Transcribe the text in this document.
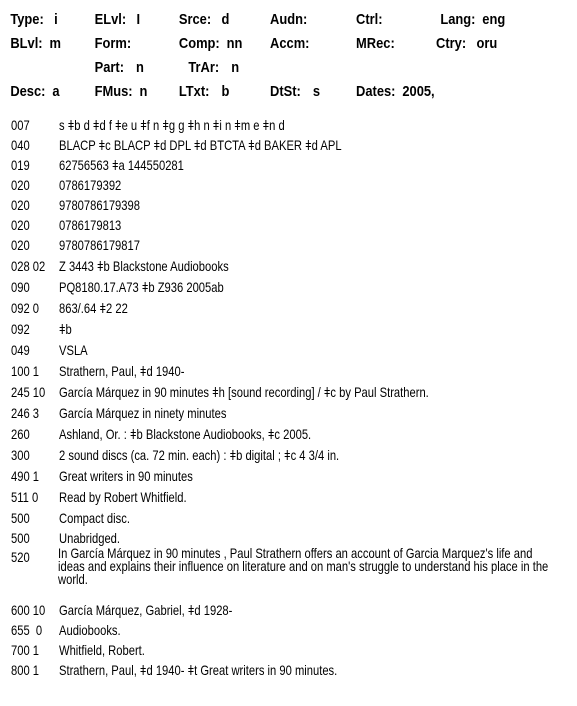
Type: i ELvl: I	Srce: d	Audn:	Ctrl:	Lang: eng
BLvl: m Form:	Comp: nn Accm:	MRec:	Ctry: oru
Part: n	TrAr: n
Desc: a FMus: n LTxt: b	DtSt: s Dates: 2005,
007 s ǂb d ǂd f ǂe u ǂf n ǂg g ǂh n ǂi n ǂm e ǂn d
040 BLACP ǂc BLACP ǂd DPL ǂd BTCTA ǂd BAKER ǂd APL
019 62756563 ǂa 144550281
020 0786179392
020 9780786179398
020 0786179813
020 9780786179817
028 02 Z 3443 ǂb Blackstone Audiobooks
090 PQ8180.17.A73 ǂb Z936 2005ab
092 0 863/.64 ǂ2 22
092 ǂb
049 VSLA
100 1 Strathern, Paul, ǂd 1940-
245 10 García Márquez in 90 minutes ǂh [sound recording] / ǂc by Paul Strathern.
246 3 García Márquez in ninety minutes
260 Ashland, Or. : ǂb Blackstone Audiobooks, ǂc 2005.
300 2 sound discs (ca. 72 min. each) : ǂb digital ; ǂc 4 3/4 in.
490 1 Great writers in 90 minutes
511 0 Read by Robert Whitfield.
500 Compact disc.
500 Unabridged.
520	In García Márquez in 90 minutes , Paul Strathern offers an account of Garcia Marquez's life and ideas and explains their influence on literature and on man's struggle to understand his place in the world.
600 10 García Márquez, Gabriel, ǂd 1928-
655  0 Audiobooks.
700 1 Whitfield, Robert.
800 1 Strathern, Paul, ǂd 1940- ǂt Great writers in 90 minutes.
